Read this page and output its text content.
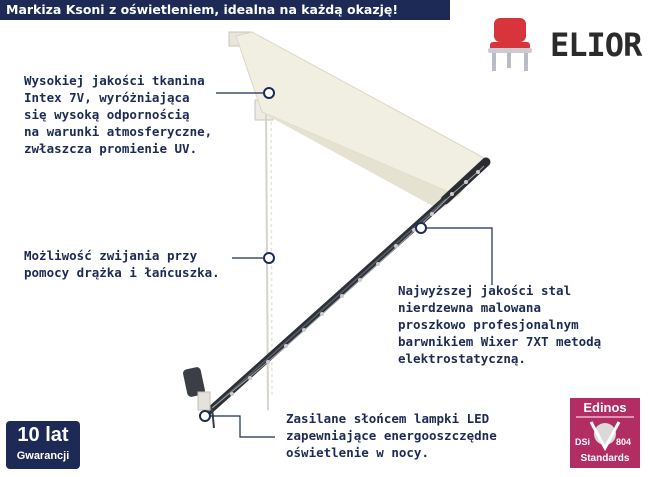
Markiza Ksoni z oświetleniem, idealna na każdą okazję!
ELIOR
Wysokiej jakości tkanina
Intex 7V, wyróżniająca
się wysoką odpornością
na warunki atmosferyczne,
zwłaszcza promienie UV.
Możliwość zwijania przy
pomocy drążka i łańcuszka.
Najwyższej jakości stal
nierdzewna malowana
proszkowo profesjonalnym
barwnikiem Wixer 7XT metodą
elektrostatyczną.
Zasilane słońcem lampki LED
zapewniające energooszczędne
oświetlenie w nocy.
10 lat
Gwarancji
Edinos
DSi	804
Standards
